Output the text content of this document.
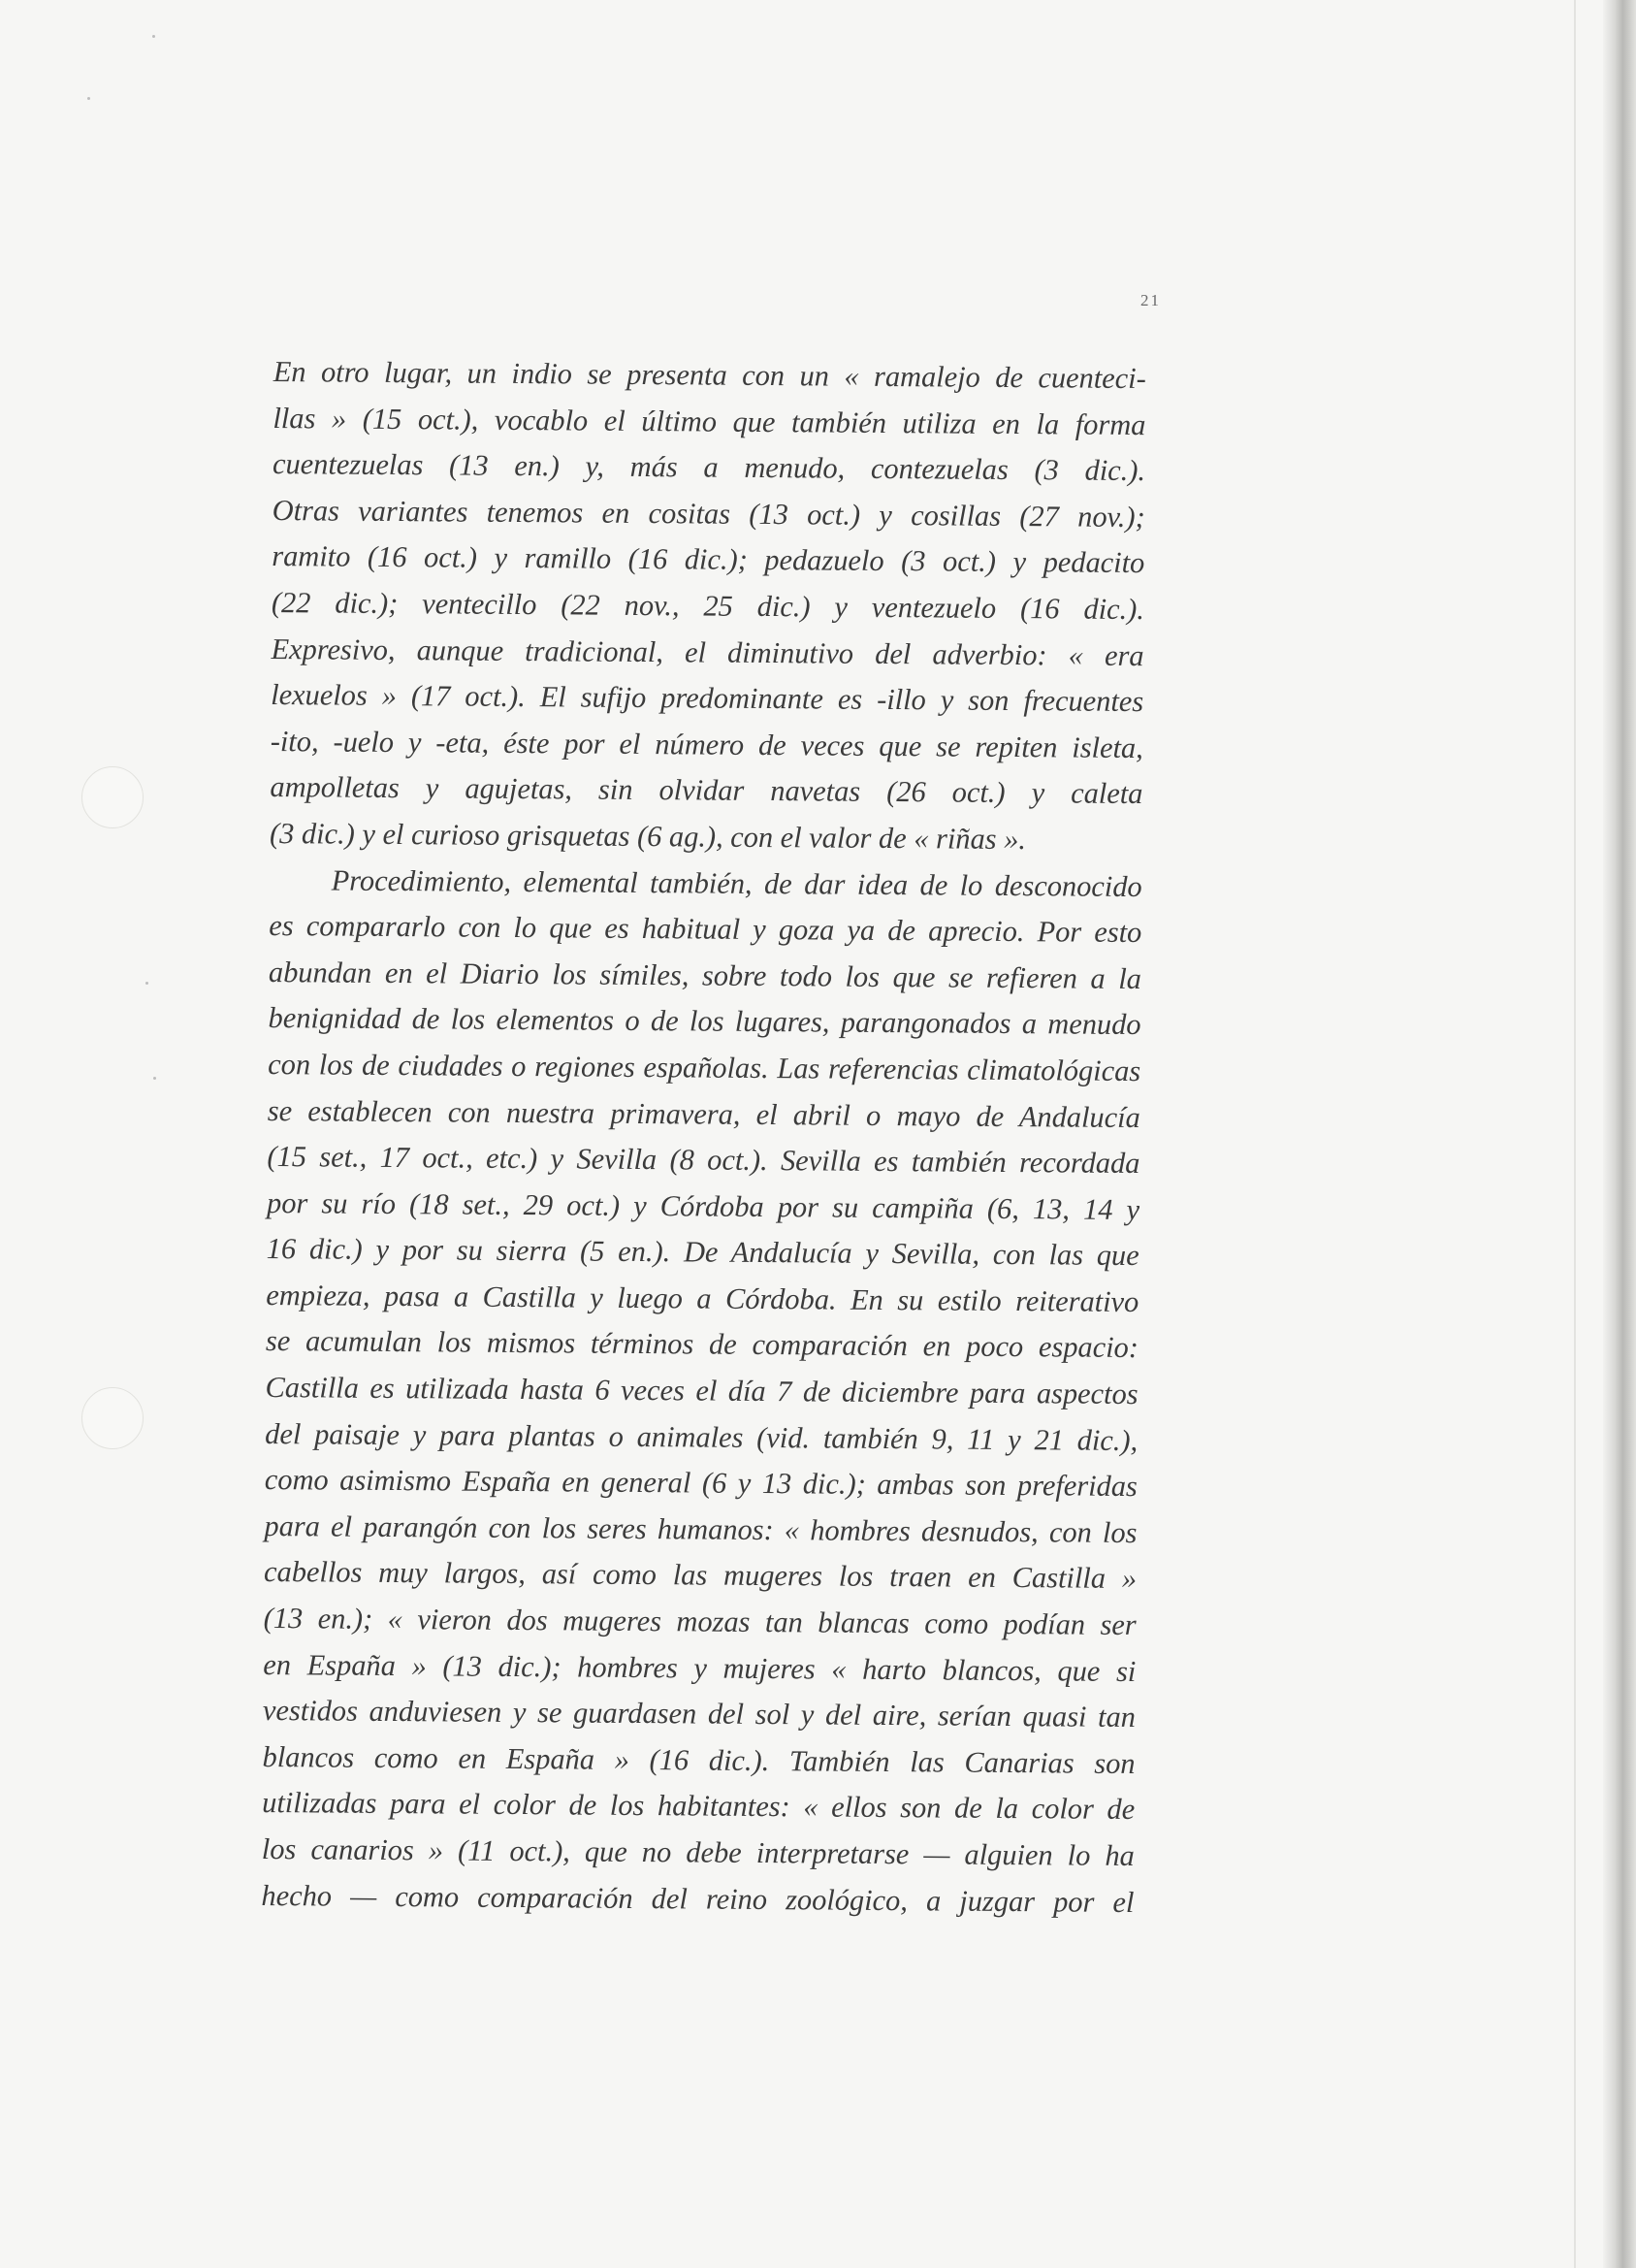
21
En otro lugar, un indio se presenta con un « ramalejo de cuenteci-
llas » (15 oct.), vocablo el último que también utiliza en la forma
cuentezuelas (13 en.) y, más a menudo, contezuelas (3 dic.).
Otras variantes tenemos en cositas (13 oct.) y cosillas (27 nov.);
ramito (16 oct.) y ramillo (16 dic.); pedazuelo (3 oct.) y pedacito
(22 dic.); ventecillo (22 nov., 25 dic.) y ventezuelo (16 dic.).
Expresivo, aunque tradicional, el diminutivo del adverbio: « era
lexuelos » (17 oct.). El sufijo predominante es -illo y son frecuentes
-ito, -uelo y -eta, éste por el número de veces que se repiten isleta,
ampolletas y agujetas, sin olvidar navetas (26 oct.) y caleta
(3 dic.) y el curioso grisquetas (6 ag.), con el valor de « riñas ».
Procedimiento, elemental también, de dar idea de lo desconocido
es compararlo con lo que es habitual y goza ya de aprecio. Por esto
abundan en el Diario los símiles, sobre todo los que se refieren a la
benignidad de los elementos o de los lugares, parangonados a menudo
con los de ciudades o regiones españolas. Las referencias climatológicas
se establecen con nuestra primavera, el abril o mayo de Andalucía
(15 set., 17 oct., etc.) y Sevilla (8 oct.). Sevilla es también recordada
por su río (18 set., 29 oct.) y Córdoba por su campiña (6, 13, 14 y
16 dic.) y por su sierra (5 en.). De Andalucía y Sevilla, con las que
empieza, pasa a Castilla y luego a Córdoba. En su estilo reiterativo
se acumulan los mismos términos de comparación en poco espacio:
Castilla es utilizada hasta 6 veces el día 7 de diciembre para aspectos
del paisaje y para plantas o animales (vid. también 9, 11 y 21 dic.),
como asimismo España en general (6 y 13 dic.); ambas son preferidas
para el parangón con los seres humanos: « hombres desnudos, con los
cabellos muy largos, así como las mugeres los traen en Castilla »
(13 en.); « vieron dos mugeres mozas tan blancas como podían ser
en España » (13 dic.); hombres y mujeres « harto blancos, que si
vestidos anduviesen y se guardasen del sol y del aire, serían quasi tan
blancos como en España » (16 dic.). También las Canarias son
utilizadas para el color de los habitantes: « ellos son de la color de
los canarios » (11 oct.), que no debe interpretarse — alguien lo ha
hecho — como comparación del reino zoológico, a juzgar por el
